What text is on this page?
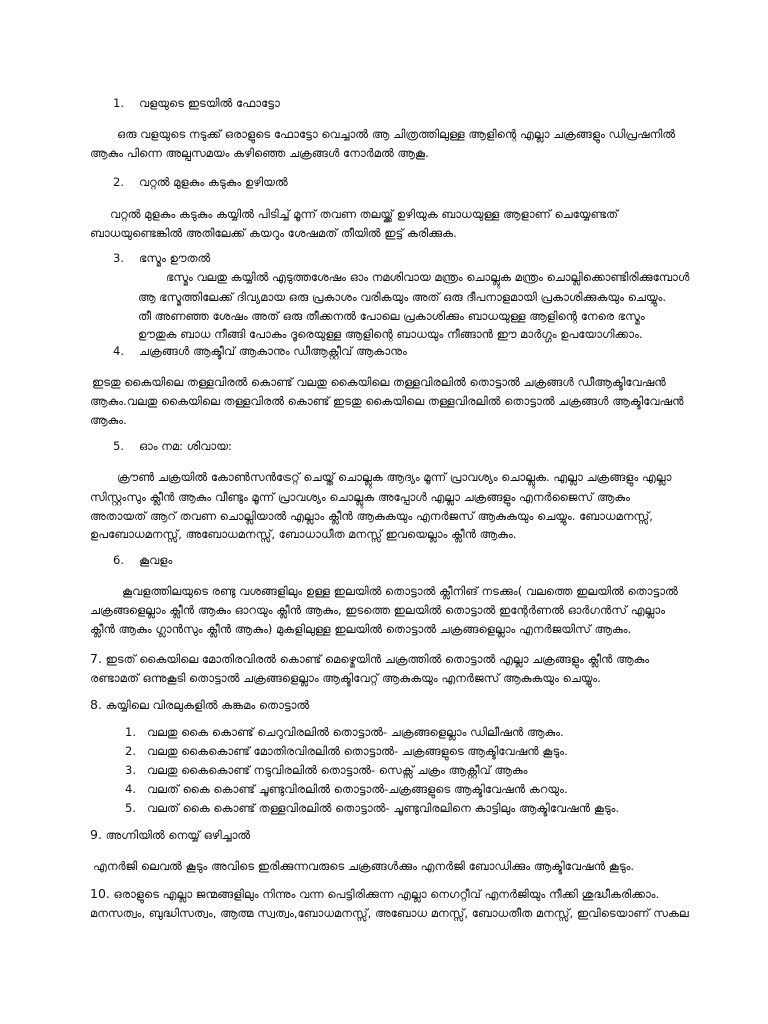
1. വളയുടെ ഇടയിൽ ഫോട്ടോ
ഒരു വളയുടെ നടുക്ക് ഒരാളുടെ ഫോട്ടോ വെച്ചാൽ ആ ചിത്രത്തിലുള്ള ആളിന്റെ എല്ലാ ചക്രങ്ങളും ഡിപ്രഷനിൽ
ആകും പിന്നെ അല്പസമയം കഴിഞ്ഞെ ചക്രങ്ങൾ നോർമൽ ആകൂ.
2. വറ്റൽ മുളകും കടുകും ഉഴിയൽ
വറ്റൽ മുളകും കടുകും കയ്യിൽ പിടിച്ച് മൂന്ന് തവണ തലയ്ക്ക് ഉഴിയുക ബാധയുള്ള ആളാണ് ചെയ്യേണ്ടത്
ബാധയുണ്ടെങ്കിൽ അതിലേക്ക് കയറും ശേഷമത് തീയിൽ ഇട്ട് കരിക്കുക.
3. ഭസ്മം ഊതൽ
ഭസ്മം വലതു കയ്യിൽ എടുത്തശേഷം ഓം നമശിവായ മന്ത്രം ചൊല്ലുക മന്ത്രം ചൊല്ലിക്കൊണ്ടിരിക്കുമ്പോൾ
ആ ഭസ്മത്തിലേക്ക് ദിവ്യമായ ഒരു പ്രകാശം വരികയും അത് ഒരു ദീപനാളമായി പ്രകാശിക്കുകയും ചെയ്യും.
തീ അണഞ്ഞ ശേഷം അത് ഒരു തീക്കനൽ പോലെ പ്രകാശിക്കും ബാധയുള്ള ആളിന്റെ നേരെ ഭസ്മം
ഊതുക ബാധ നീങ്ങി പോകും ദൂരെയുള്ള ആളിന്റെ ബാധയും നീങ്ങാൻ ഈ മാർഗ്ഗം ഉപയോഗിക്കാം.
4. ചക്രങ്ങൾ ആക്ടീവ് ആകാനും ഡീആക്റ്റീവ് ആകാനും
ഇടതു കൈയിലെ തള്ളവിരൽ കൊണ്ട് വലതു കൈയിലെ തള്ളവിരലിൽ തൊട്ടാൽ ചക്രങ്ങൾ ഡീആക്ടിവേഷൻ
ആകും.വലതു കൈയിലെ തള്ളവിരൽ കൊണ്ട് ഇടതു കൈയിലെ തള്ളവിരലിൽ തൊട്ടാൽ ചക്രങ്ങൾ ആക്ടിവേഷൻ
ആകും.
5. ഓം നമ: ശിവായ:
ക്രൗൺ ചക്രയിൽ കോൺസൻട്രേറ്റ് ചെയ്ത് ചൊല്ലുക ആദ്യം മൂന്ന് പ്രാവശ്യം ചൊല്ലുക. എല്ലാ ചക്രങ്ങളും എല്ലാ
സിസ്റ്റംസും ക്ലീൻ ആകും വീണ്ടും മൂന്ന് പ്രാവശ്യം ചൊല്ലുക അപ്പോൾ എല്ലാ ചക്രങ്ങളും എനർജൈസ് ആകും
അതായത് ആറ് തവണ ചൊല്ലിയാൽ എല്ലാം ക്ലീൻ ആകുകയും എനർജസ് ആകുകയും ചെയ്യും. ബോധമനസ്സ്,
ഉപബോധമനസ്സ്, അബോധമനസ്സ്, ബോധാധീത മനസ്സ് ഇവയെല്ലാം ക്ലീൻ ആകും.
6. കൂവളം
കൂവളത്തിലയുടെ രണ്ടു വശങ്ങളിലും ഉള്ള ഇലയിൽ തൊട്ടാൽ ക്ലീനിങ് നടക്കും( വലത്തെ ഇലയിൽ തൊട്ടാൽ
ചക്രങ്ങളെല്ലാം ക്ലീൻ ആകും ഓറയും ക്ലീൻ ആകും, ഇടത്തെ ഇലയിൽ തൊട്ടാൽ ഇന്റേർണൽ ഓർഗൻസ് എല്ലാം
ക്ലീൻ ആകും ഗ്ലാൻസും ക്ലീൻ ആകും) മുകളിലുള്ള ഇലയിൽ തൊട്ടാൽ ചക്രങ്ങളെല്ലാം എനർജയിസ് ആകും.
7. ഇടത് കൈയിലെ മോതിരവിരൽ കൊണ്ട് മെഴ്മെയിൻ ചക്രത്തിൽ തൊട്ടാൽ എല്ലാ ചക്രങ്ങളും ക്ലീൻ ആകും
രണ്ടാമത് ഒന്നുകൂടി തൊട്ടാൽ ചക്രങ്ങളെല്ലാം ആക്ടിവേറ്റ് ആകുകയും എനർജസ് ആകുകയും ചെയ്യും.
8. കയ്യിലെ വിരലുകളിൽ കങ്കമം തൊട്ടാൽ
1. വലതു കൈ കൊണ്ട് ചെറുവിരലിൽ തൊട്ടാൽ- ചക്രങ്ങളെല്ലാം ഡിലീഷൻ ആകും.
2. വലതു കൈകൊണ്ട് മോതിരവിരലിൽ തൊട്ടാൽ- ചക്രങ്ങളുടെ ആക്ടിവേഷൻ കൂടും.
3. വലതു കൈകൊണ്ട് നടുവിരലിൽ തൊട്ടാൽ- സെക്സ് ചക്രം ആക്റ്റീവ് ആകും
4. വലത് കൈ കൊണ്ട് ചൂണ്ടുവിരലിൽ തൊട്ടാൽ-ചക്രങ്ങളുടെ ആക്ടിവേഷൻ കറയും.
5. വലത് കൈ കൊണ്ട് തള്ളവിരലിൽ തൊട്ടാൽ- ചൂണ്ടുവിരലിനെ കാട്ടിലും ആക്ടിവേഷൻ കൂടും.
9. അഗ്നിയിൽ നെയ്യ് ഒഴിച്ചാൽ
എനർജി ലെവൽ കൂടും അവിടെ ഇരിക്കുന്നവരുടെ ചക്രങ്ങൾക്കും എനർജി ബോഡിക്കും ആക്ടിവേഷൻ കൂടും.
10. ഒരാളുടെ എല്ലാ ജന്മങ്ങളിലും നിന്നും വന്ന പെട്ടിരിക്കുന്ന എല്ലാ നെഗറ്റീവ് എനർജിയും നീക്കി ശുദ്ധീകരിക്കാം.
മനസത്വം, ബുദ്ധിസത്വം, ആത്മ സ്വത്വം,ബോധമനസ്സ്, അബോധ മനസ്സ്, ബോധതീത മനസ്സ്, ഇവിടെയാണ് സകല
